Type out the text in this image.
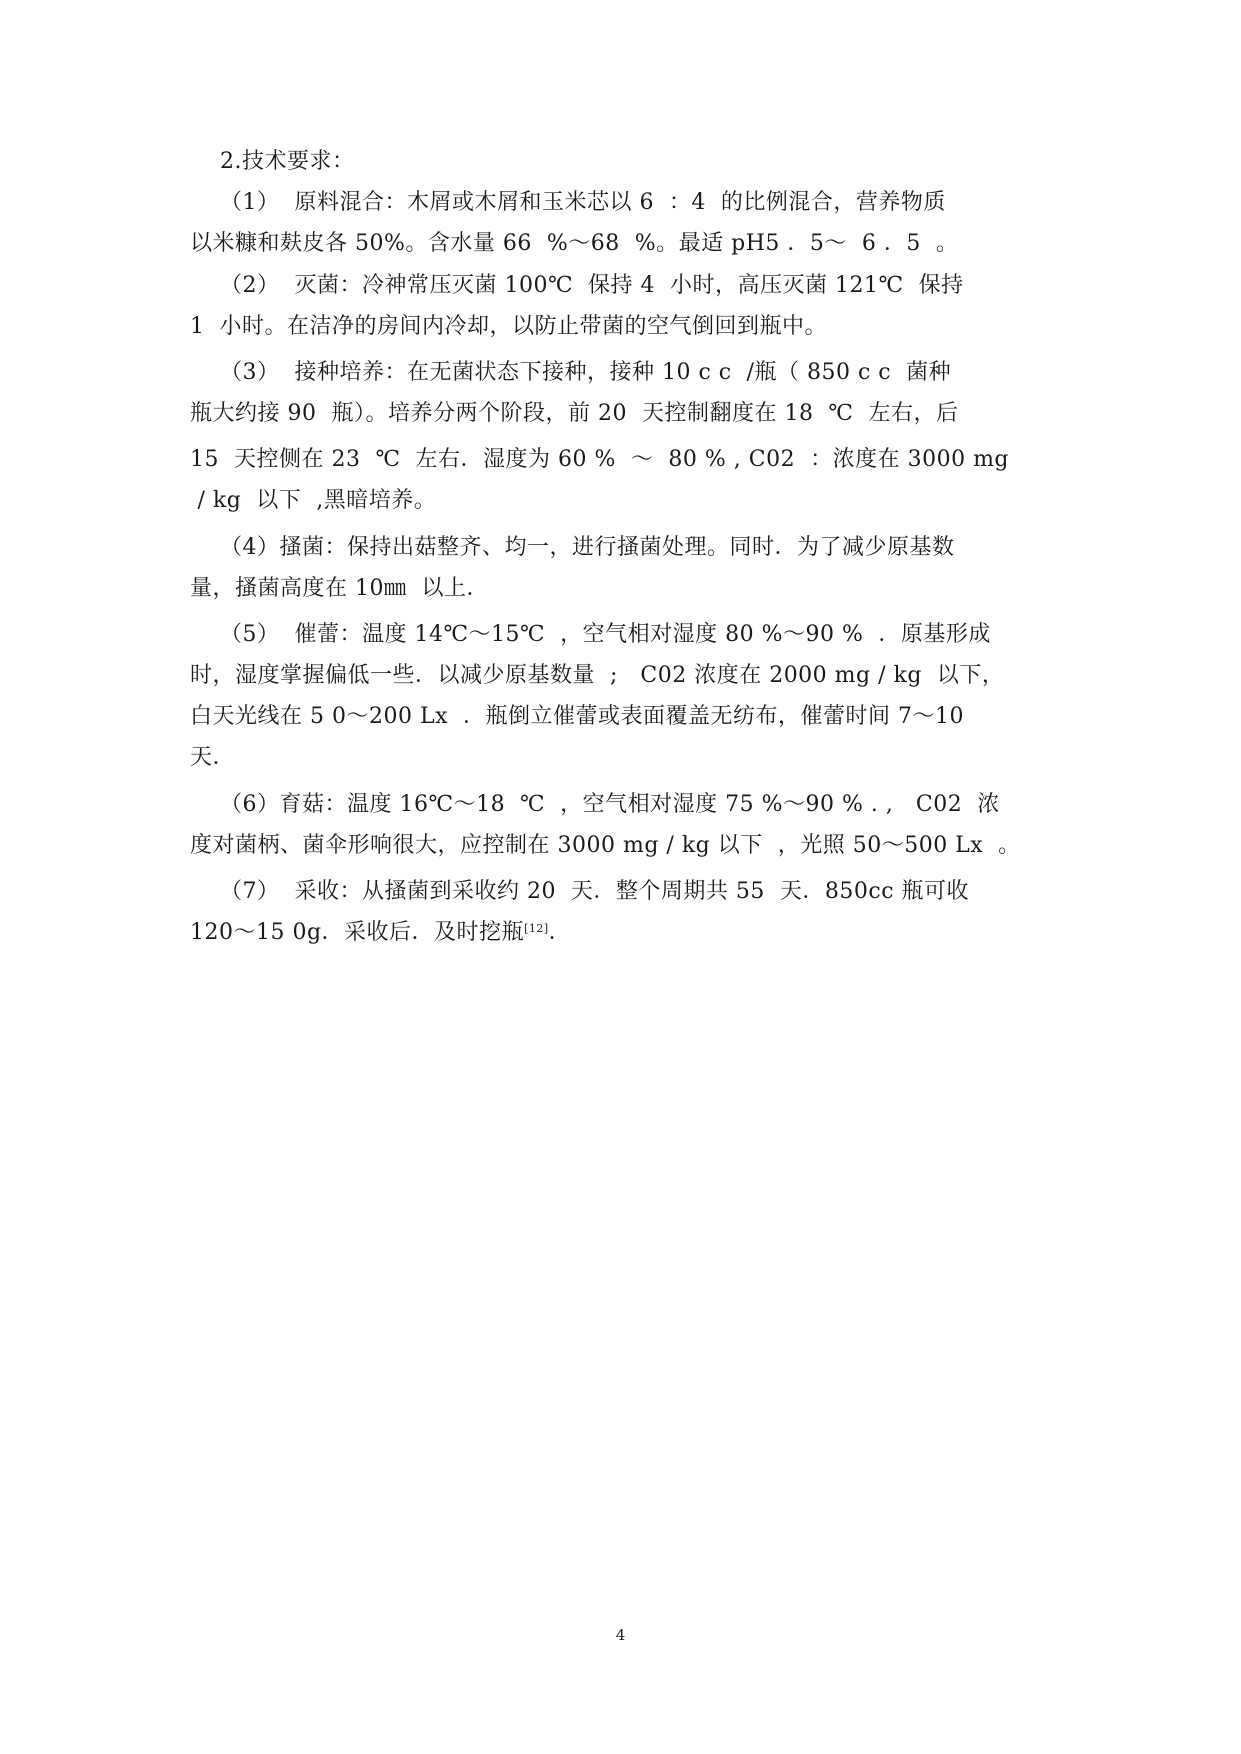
2.技术要求：
（1）  原料混合：木屑或木屑和玉米芯以 6  ：4  的比例混合，营养物质
以米糠和麸皮各 50%。含水量 66  %～68  %。最适 pH5 ．5～  6 ．5  。
（2）  灭菌：冷神常压灭菌 100℃  保持 4  小时，高压灭菌 121℃  保持
1  小时。在洁净的房间内冷却，以防止带菌的空气倒回到瓶中。
（3）  接种培养：在无菌状态下接种，接种 10 c c  /瓶（ 850 c c  菌种
瓶大约接 90  瓶）。培养分两个阶段，前 20  天控制翻度在 18  ℃  左右，后
15  天控侧在 23  ℃  左右．湿度为 60 %  ～  80 % , C02  ：浓度在 3000 mg
/ kg  以下  ,黑暗培养。
（4）搔菌：保持出菇整齐、均一，进行搔菌处理。同时．为了减少原基数
量，搔菌高度在 10㎜  以上．
（5）  催蕾：温度 14℃～15℃  ，空气相对湿度 80 %～90 %  ．原基形成
时，湿度掌握偏低一些．以减少原基数量  ;   C02 浓度在 2000 mg / kg  以下，
白天光线在 5 0～200 Lx  ．瓶倒立催蕾或表面覆盖无纺布，催蕾时间 7～10
天．
（6）育菇：温度 16℃～18  ℃  ，空气相对湿度 75 %～90 % . ,   C02  浓
度对菌柄、菌伞形响很大，应控制在 3000 mg / kg 以下  ，光照 50～500 Lx  。
（7）  采收：从搔菌到采收约 20  天．整个周期共 55  天．850cc 瓶可收
120～15 0g．采收后．及时挖瓶[12]．
4
